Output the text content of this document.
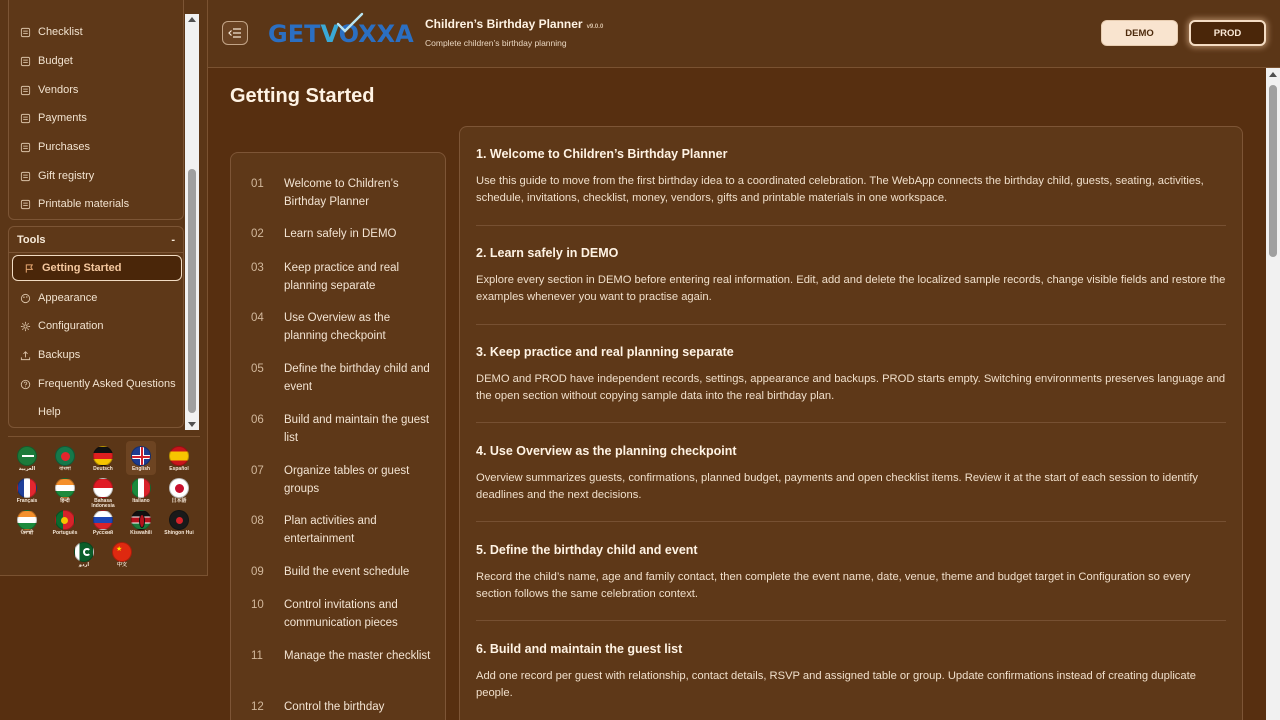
Checklist
Budget
Vendors
Payments
Purchases
Gift registry
Printable materials
Tools	-
Getting Started
Appearance
Configuration
Backups
Frequently Asked Questions
Help
العربية	বাংলা	Deutsch	English	Español
Français	हिन्दी	Bahasa Indonesia
Italiano	日本語
ਪੰਜਾਬੀ	Português	Русский	Kiswahili	Shingon Hui
اردو
★
中文
GETVOXXA Children’s Birthday Planner v9.0.0
Complete children’s birthday planning
DEMO	PROD
Getting Started
01	Welcome to Children’s Birthday Planner
02	Learn safely in DEMO
03	Keep practice and real planning separate
04	Use Overview as the planning checkpoint
05	Define the birthday child and event
06	Build and maintain the guest list
07	Organize tables or guest groups
08	Plan activities and entertainment
09	Build the event schedule
10	Control invitations and communication pieces
11	Manage the master checklist
12	Control the birthday
1. Welcome to Children’s Birthday Planner

Use this guide to move from the first birthday idea to a coordinated celebration. The WebApp connects the birthday child, guests, seating, activities, schedule, invitations, checklist, money, vendors, gifts and printable materials in one workspace.

2. Learn safely in DEMO

Explore every section in DEMO before entering real information. Edit, add and delete the localized sample records, change visible fields and restore the examples whenever you want to practise again.

3. Keep practice and real planning separate

DEMO and PROD have independent records, settings, appearance and backups. PROD starts empty. Switching environments preserves language and the open section without copying sample data into the real birthday plan.

4. Use Overview as the planning checkpoint

Overview summarizes guests, confirmations, planned budget, payments and open checklist items. Review it at the start of each session to identify deadlines and the next decisions.

5. Define the birthday child and event

Record the child’s name, age and family contact, then complete the event name, date, venue, theme and budget target in Configuration so every section follows the same celebration context.

6. Build and maintain the guest list

Add one record per guest with relationship, contact details, RSVP and assigned table or group. Update confirmations instead of creating duplicate people.
